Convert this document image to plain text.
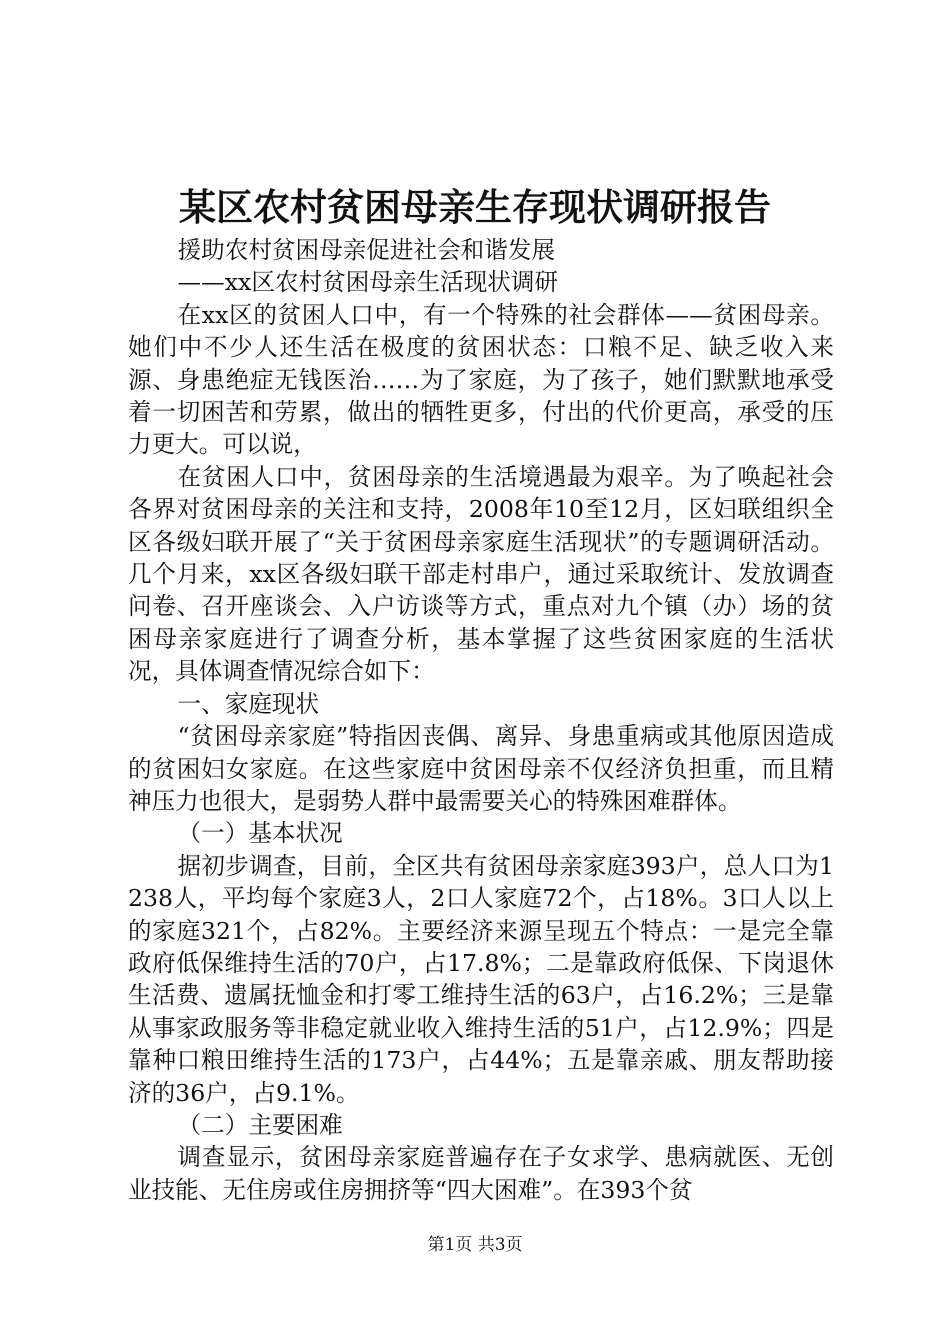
某区农村贫困母亲生存现状调研报告

援助农村贫困母亲促进社会和谐发展

——xx区农村贫困母亲生活现状调研

在xx区的贫困人口中，有一个特殊的社会群体——贫困母亲。她们中不少人还生活在极度的贫困状态：口粮不足、缺乏收入来源、身患绝症无钱医治……为了家庭，为了孩子，她们默默地承受着一切困苦和劳累，做出的牺牲更多，付出的代价更高，承受的压力更大。可以说，

在贫困人口中，贫困母亲的生活境遇最为艰辛。为了唤起社会各界对贫困母亲的关注和支持，2008年10至12月，区妇联组织全区各级妇联开展了“关于贫困母亲家庭生活现状”的专题调研活动。几个月来，xx区各级妇联干部走村串户，通过采取统计、发放调查问卷、召开座谈会、入户访谈等方式，重点对九个镇（办）场的贫困母亲家庭进行了调查分析，基本掌握了这些贫困家庭的生活状况，具体调查情况综合如下：

一、家庭现状

“贫困母亲家庭”特指因丧偶、离异、身患重病或其他原因造成的贫困妇女家庭。在这些家庭中贫困母亲不仅经济负担重，而且精神压力也很大，是弱势人群中最需要关心的特殊困难群体。

（一）基本状况

据初步调查，目前，全区共有贫困母亲家庭393户，总人口为1238人，平均每个家庭3人，2口人家庭72个，占18%。3口人以上的家庭321个，占82%。主要经济来源呈现五个特点：一是完全靠政府低保维持生活的70户，占17.8%；二是靠政府低保、下岗退休生活费、遗属抚恤金和打零工维持生活的63户，占16.2%；三是靠从事家政服务等非稳定就业收入维持生活的51户，占12.9%；四是靠种口粮田维持生活的173户，占44%；五是靠亲戚、朋友帮助接济的36户，占9.1%。

（二）主要困难

调查显示，贫困母亲家庭普遍存在子女求学、患病就医、无创业技能、无住房或住房拥挤等“四大困难”。在393个贫

第1页 共3页
